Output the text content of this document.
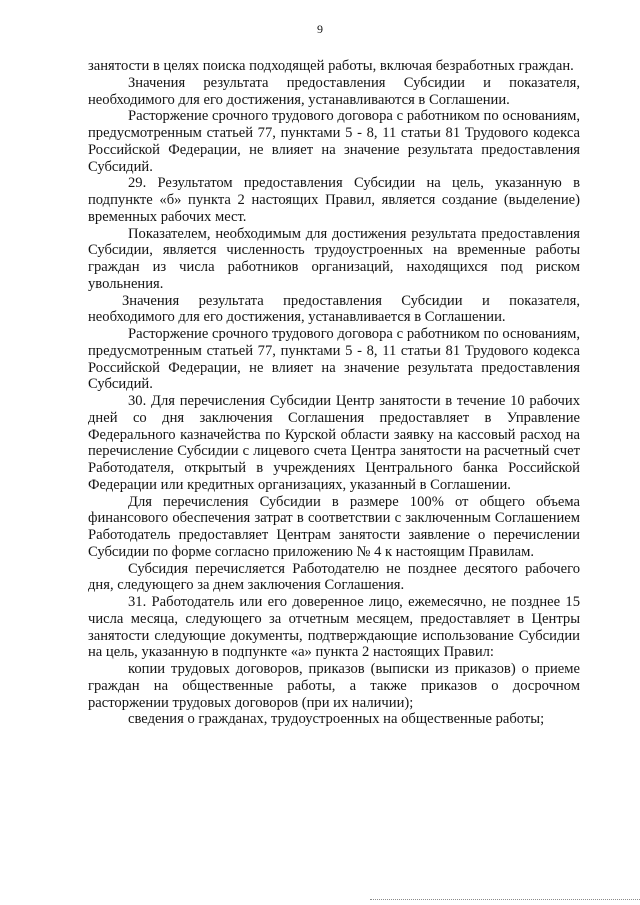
9

занятости в целях поиска подходящей работы, включая безработных граждан.

Значения результата предоставления Субсидии и показателя, необходимого для его достижения, устанавливаются в Соглашении.

Расторжение срочного трудового договора с работником по основаниям, предусмотренным статьей 77, пунктами 5 - 8, 11 статьи 81 Трудового кодекса Российской Федерации, не влияет на значение результата предоставления Субсидий.

29. Результатом предоставления Субсидии на цель, указанную в подпункте «б» пункта 2 настоящих Правил, является создание (выделение) временных рабочих мест.

Показателем, необходимым для достижения результата предоставления Субсидии, является численность трудоустроенных на временные работы граждан из числа работников организаций, находящихся под риском увольнения.

Значения результата предоставления Субсидии и показателя, необходимого для его достижения, устанавливается в Соглашении.

Расторжение срочного трудового договора с работником по основаниям, предусмотренным статьей 77, пунктами 5 - 8, 11 статьи 81 Трудового кодекса Российской Федерации, не влияет на значение результата предоставления Субсидий.

30. Для перечисления Субсидии Центр занятости в течение 10 рабочих дней со дня заключения Соглашения предоставляет в Управление Федерального казначейства по Курской области заявку на кассовый расход на перечисление Субсидии с лицевого счета Центра занятости на расчетный счет Работодателя, открытый в учреждениях Центрального банка Российской Федерации или кредитных организациях, указанный в Соглашении.

Для перечисления Субсидии в размере 100% от общего объема финансового обеспечения затрат в соответствии с заключенным Соглашением Работодатель предоставляет Центрам занятости заявление о перечислении Субсидии по форме согласно приложению № 4 к настоящим Правилам.

Субсидия перечисляется Работодателю не позднее десятого рабочего дня, следующего за днем заключения Соглашения.

31. Работодатель или его доверенное лицо, ежемесячно, не позднее 15 числа месяца, следующего за отчетным месяцем, предоставляет в Центры занятости следующие документы, подтверждающие использование Субсидии на цель, указанную в подпункте «а» пункта 2 настоящих Правил:

копии трудовых договоров, приказов (выписки из приказов) о приеме граждан на общественные работы, а также приказов о досрочном расторжении трудовых договоров (при их наличии);

сведения о гражданах, трудоустроенных на общественные работы;
